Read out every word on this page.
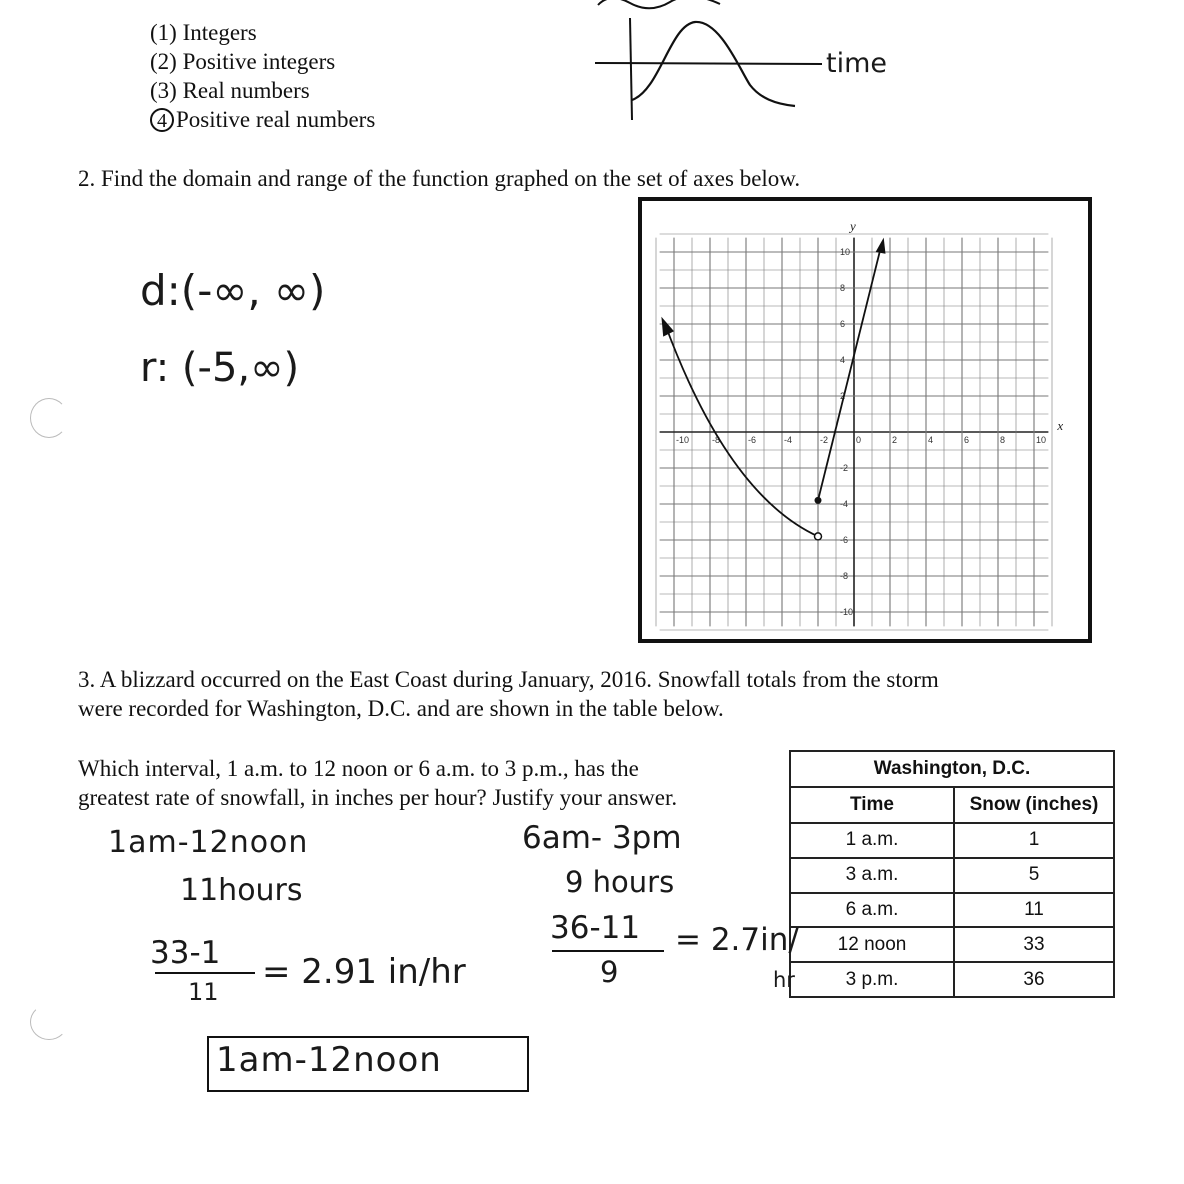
(1) Integers
(2) Positive integers
(3) Real numbers
4 Positive real numbers
time
2. Find the domain and range of the function graphed on the set of axes below.
d:(-∞, ∞)
r: (-5,∞)
-10	-8	-6	-4	-2	0	2	4	6	8	10
10
8
6
4
2
-2
-4
-6
-8
-10
x
y
3. A blizzard occurred on the East Coast during January, 2016. Snowfall totals from the storm
were recorded for Washington, D.C. and are shown in the table below.
Which interval, 1 a.m. to 12 noon or 6 a.m. to 3 p.m., has the
greatest rate of snowfall, in inches per hour? Justify your answer.
Washington, D.C.	
Time	Snow (inches)
1 a.m.	1
3 a.m.	5
6 a.m.	11
12 noon	33
3 p.m.	36
1am-12noon
11hours
33-1
11 = 2.91 in/hr
6am- 3pm
9 hours
36-11
9
= 2.7in/
hr
1am-12noon
